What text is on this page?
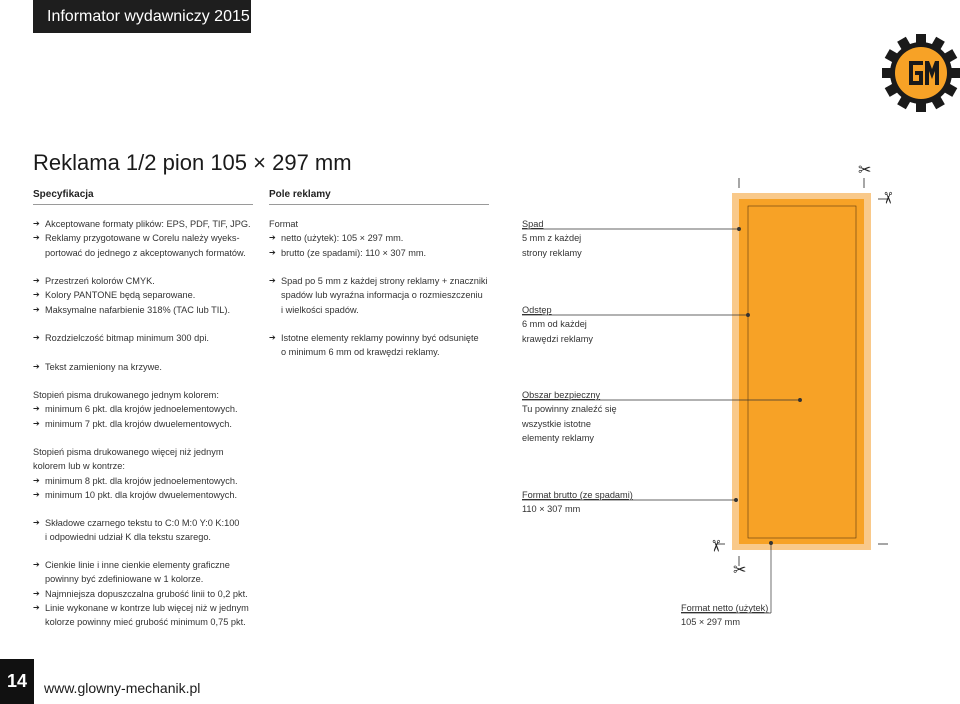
Informator wydawniczy 2015
Reklama 1/2 pion 105 × 297 mm
Specyfikacja	Pole reklamy
➔ Akceptowane formaty plików: EPS, PDF, TIF, JPG.
➔ Reklamy przygotowane w Corelu należy wyeks-
portować do jednego z akceptowanych formatów.
➔ Przestrzeń kolorów CMYK.
➔ Kolory PANTONE będą separowane.
➔ Maksymalne nafarbienie 318% (TAC lub TIL).
➔ Rozdzielczość bitmap minimum 300 dpi.
➔ Tekst zamieniony na krzywe.
Stopień pisma drukowanego jednym kolorem:
➔ minimum 6 pkt. dla krojów jednoelementowych.
➔ minimum 7 pkt. dla krojów dwuelementowych.
Stopień pisma drukowanego więcej niż jednym
kolorem lub w kontrze:
➔ minimum 8 pkt. dla krojów jednoelementowych.
➔ minimum 10 pkt. dla krojów dwuelementowych.
➔ Składowe czarnego tekstu to C:0 M:0 Y:0 K:100
i odpowiedni udział K dla tekstu szarego.
➔ Cienkie linie i inne cienkie elementy graficzne
powinny być zdefiniowane w 1 kolorze.
➔ Najmniejsza dopuszczalna grubość linii to 0,2 pkt.
➔ Linie wykonane w kontrze lub więcej niż w jednym
kolorze powinny mieć grubość minimum 0,75 pkt.
Format
➔ netto (użytek): 105 × 297 mm.
➔ brutto (ze spadami): 110 × 307 mm.
➔ Spad po 5 mm z każdej strony reklamy + znaczniki
spadów lub wyraźna informacja o rozmieszczeniu
i wielkości spadów.
➔ Istotne elementy reklamy powinny być odsunięte
o minimum 6 mm od krawędzi reklamy.
Spad
5 mm z każdej
strony reklamy
Odstęp
6 mm od każdej
krawędzi reklamy
Obszar bezpieczny
Tu powinny znaleźć się
wszystkie istotne
elementy reklamy
Format brutto (ze spadami)
110 × 307 mm
Format netto (użytek)
105 × 297 mm
✂
✂
✂
✂
14	www.glowny-mechanik.pl
